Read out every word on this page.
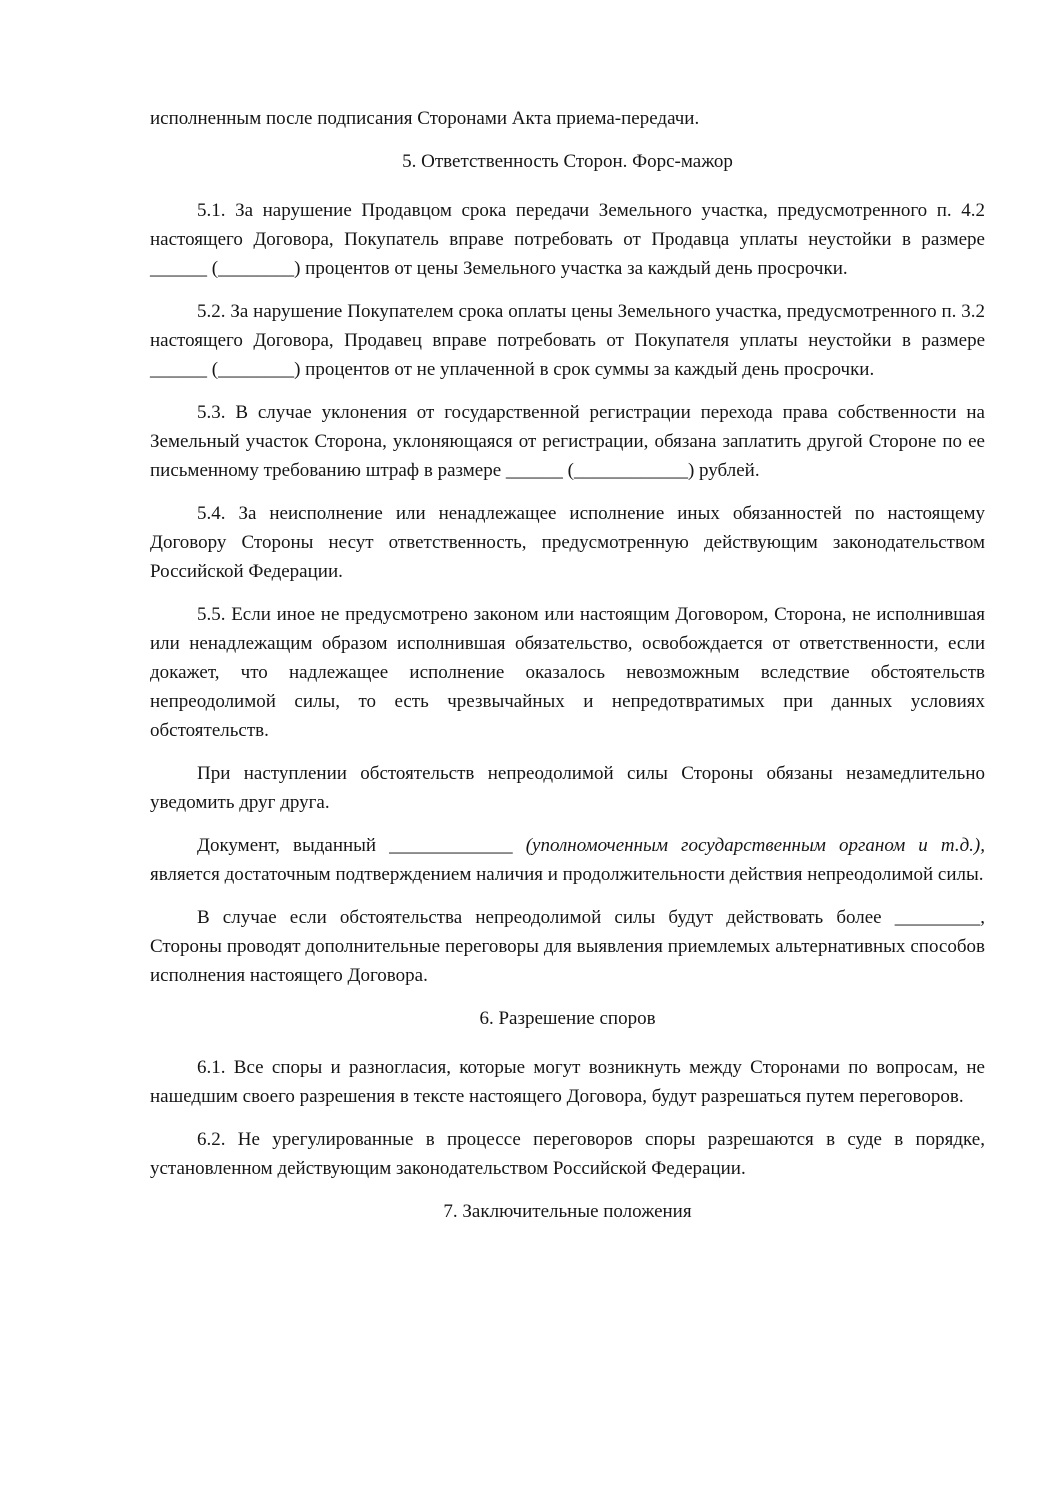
исполненным после подписания Сторонами Акта приема-передачи.

5. Ответственность Сторон. Форс-мажор

5.1. За нарушение Продавцом срока передачи Земельного участка, предусмотренного п. 4.2 настоящего Договора, Покупатель вправе потребовать от Продавца уплаты неустойки в размере ______ (________) процентов от цены Земельного участка за каждый день просрочки.

5.2. За нарушение Покупателем срока оплаты цены Земельного участка, предусмотренного п. 3.2 настоящего Договора, Продавец вправе потребовать от Покупателя уплаты неустойки в размере ______ (________) процентов от не уплаченной в срок суммы за каждый день просрочки.

5.3. В случае уклонения от государственной регистрации перехода права собственности на Земельный участок Сторона, уклоняющаяся от регистрации, обязана заплатить другой Стороне по ее письменному требованию штраф в размере ______ (____________) рублей.

5.4. За неисполнение или ненадлежащее исполнение иных обязанностей по настоящему Договору Стороны несут ответственность, предусмотренную действующим законодательством Российской Федерации.

5.5. Если иное не предусмотрено законом или настоящим Договором, Сторона, не исполнившая или ненадлежащим образом исполнившая обязательство, освобождается от ответственности, если докажет, что надлежащее исполнение оказалось невозможным вследствие обстоятельств непреодолимой силы, то есть чрезвычайных и непредотвратимых при данных условиях обстоятельств.

При наступлении обстоятельств непреодолимой силы Стороны обязаны незамедлительно уведомить друг друга.

Документ, выданный _____________ (уполномоченным государственным органом и т.д.), является достаточным подтверждением наличия и продолжительности действия непреодолимой силы.

В случае если обстоятельства непреодолимой силы будут действовать более _________, Стороны проводят дополнительные переговоры для выявления приемлемых альтернативных способов исполнения настоящего Договора.

6. Разрешение споров

6.1. Все споры и разногласия, которые могут возникнуть между Сторонами по вопросам, не нашедшим своего разрешения в тексте настоящего Договора, будут разрешаться путем переговоров.

6.2. Не урегулированные в процессе переговоров споры разрешаются в суде в порядке, установленном действующим законодательством Российской Федерации.

7. Заключительные положения
